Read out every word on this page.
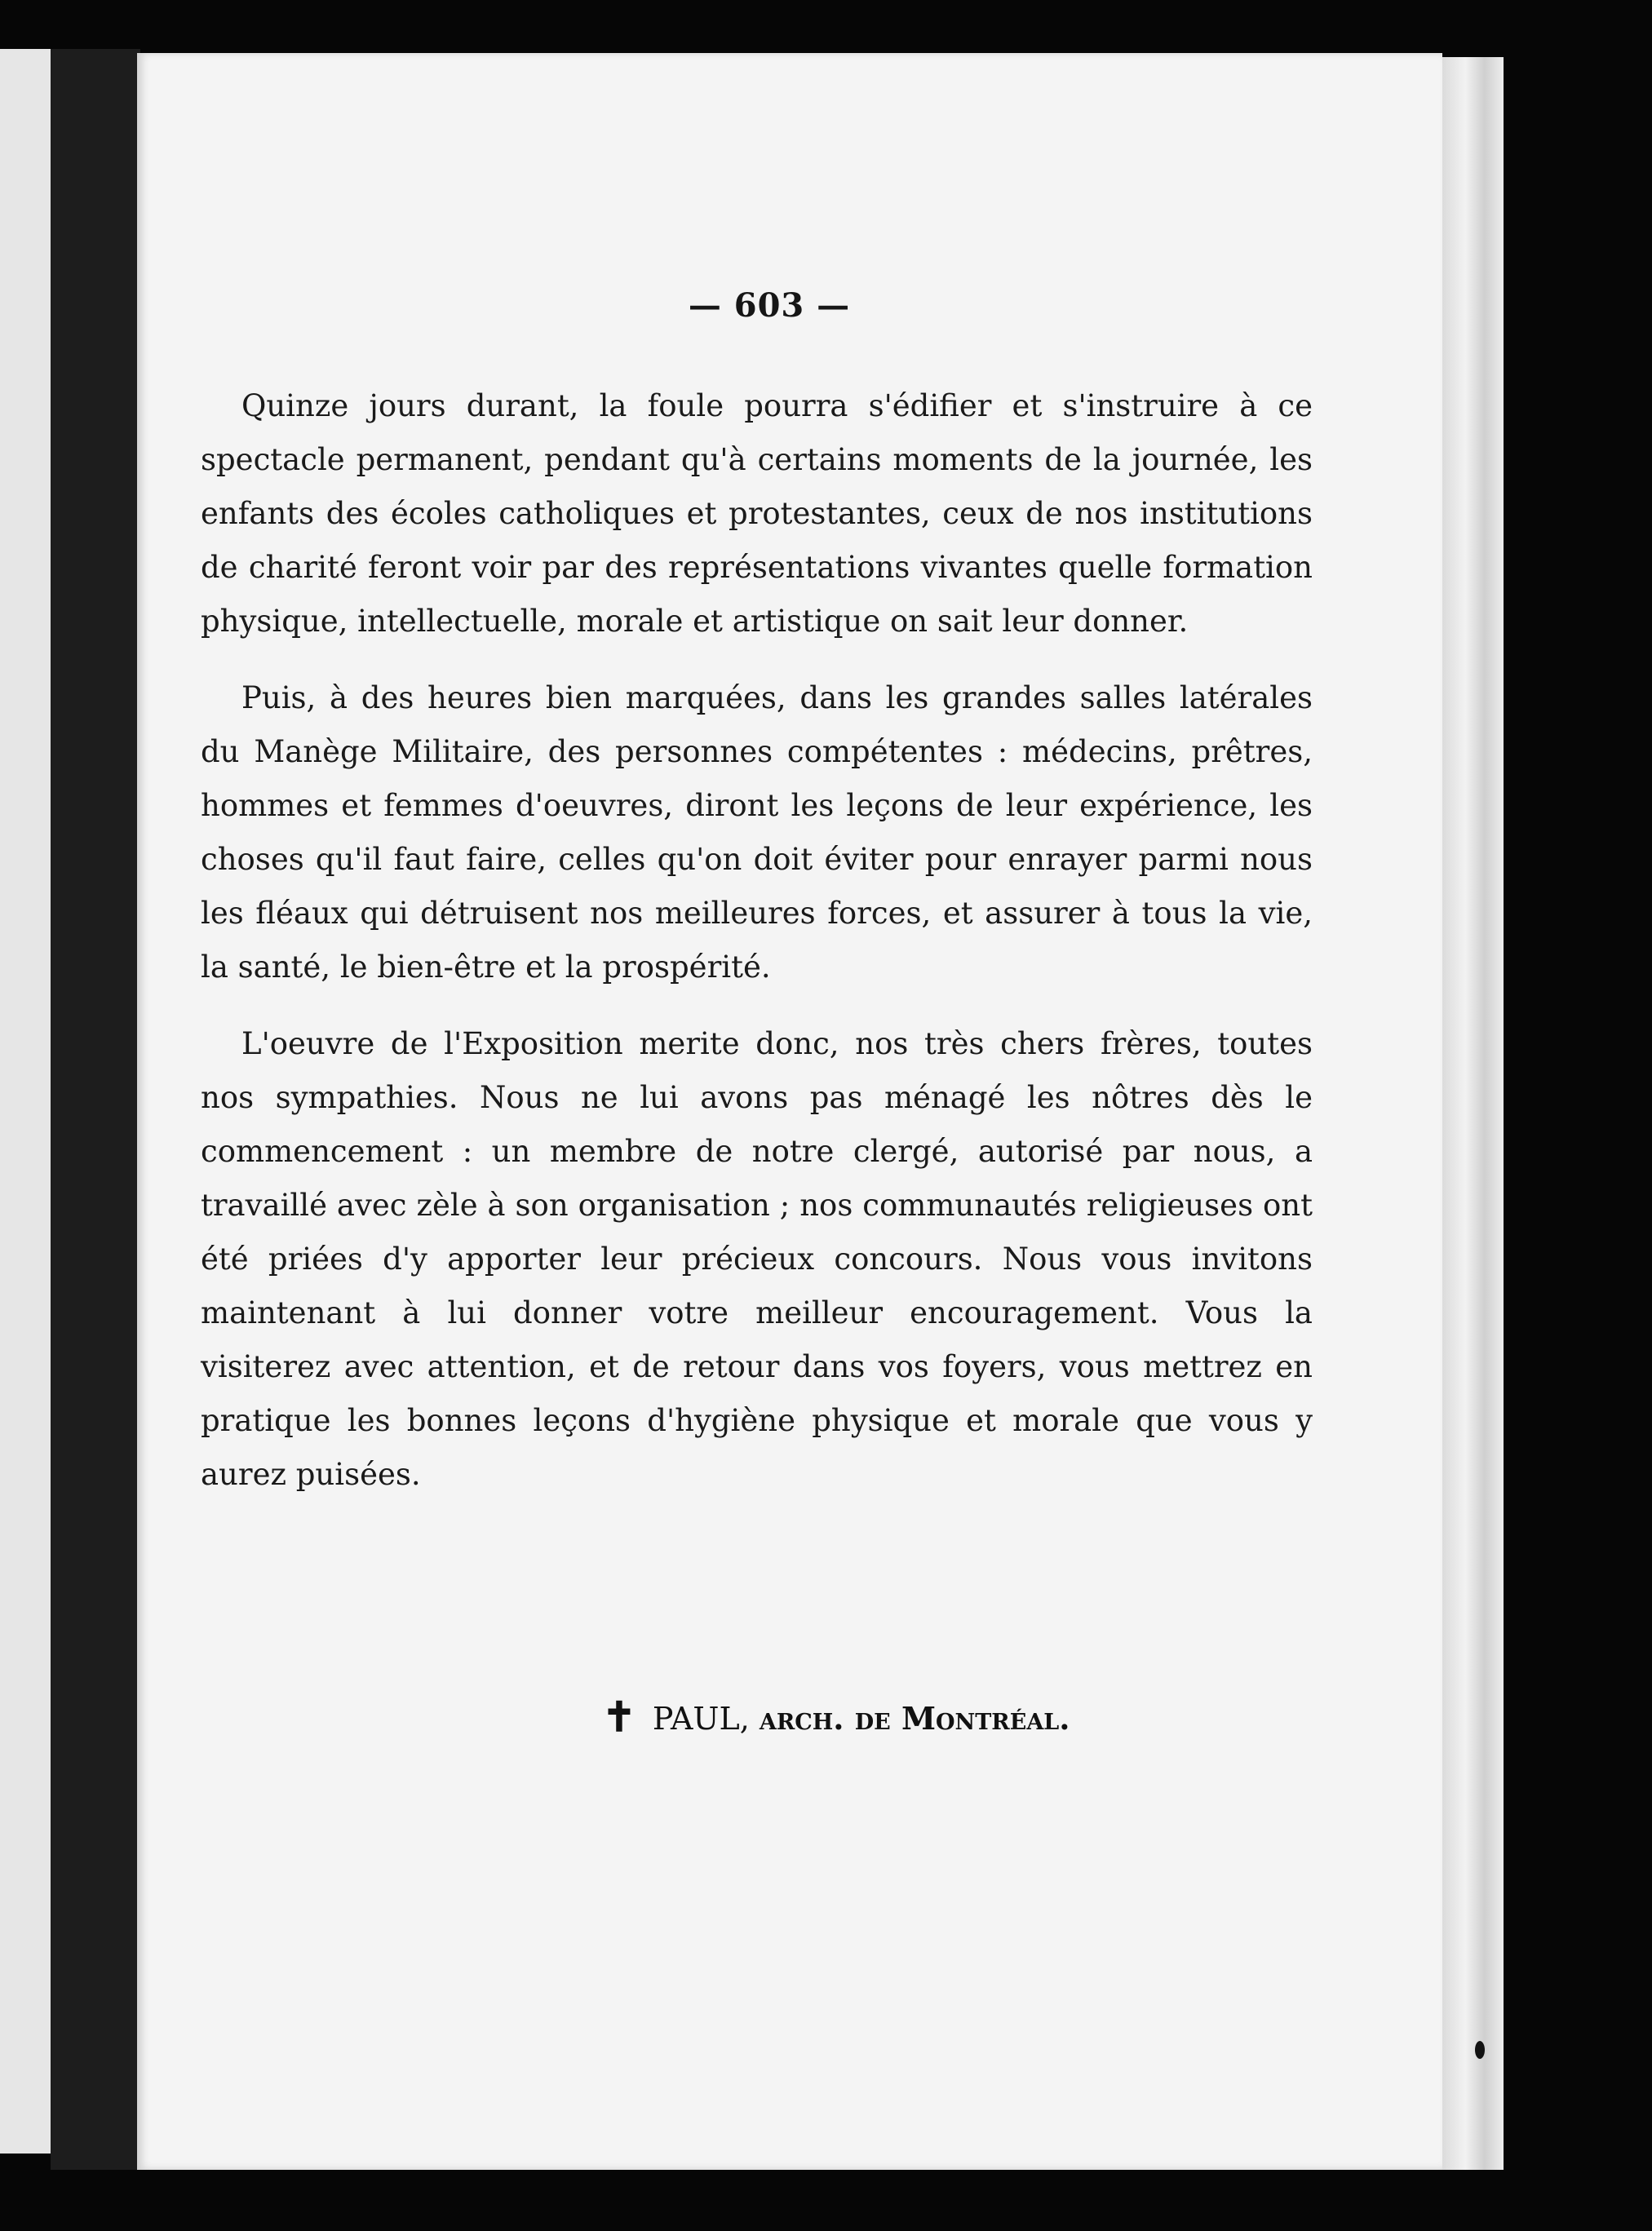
— 603 —

Quinze jours durant, la foule pourra s'édifier et s'instruire à ce spectacle permanent, pendant qu'à certains moments de la journée, les enfants des écoles catholiques et protestantes, ceux de nos institutions de charité feront voir par des représentations vivantes quelle formation physique, intellectuelle, morale et artistique on sait leur donner.

Puis, à des heures bien marquées, dans les grandes salles latérales du Manège Militaire, des personnes compétentes : médecins, prêtres, hommes et femmes d'oeuvres, diront les leçons de leur expérience, les choses qu'il faut faire, celles qu'on doit éviter pour enrayer parmi nous les fléaux qui détruisent nos meilleures forces, et assurer à tous la vie, la santé, le bien-être et la prospérité.

L'oeuvre de l'Exposition merite donc, nos très chers frères, toutes nos sympathies. Nous ne lui avons pas ménagé les nôtres dès le commencement : un membre de notre clergé, autorisé par nous, a travaillé avec zèle à son organisation ; nos communautés religieuses ont été priées d'y apporter leur précieux concours. Nous vous invitons maintenant à lui donner votre meilleur encouragement. Vous la visiterez avec attention, et de retour dans vos foyers, vous mettrez en pratique les bonnes leçons d'hygiène physique et morale que vous y aurez puisées.

✝ PAUL, arch. de Montréal.
